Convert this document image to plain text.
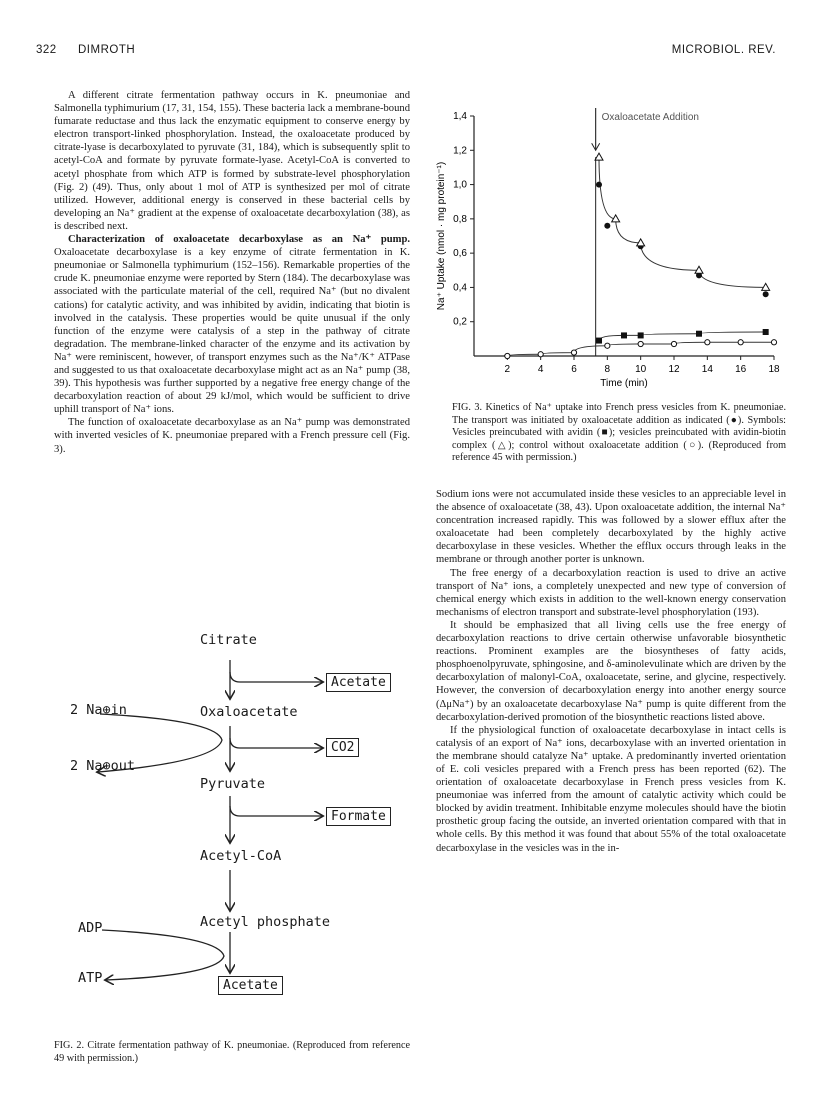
322 DIMROTH	MICROBIOL. REV.

A different citrate fermentation pathway occurs in K. pneumoniae and Salmonella typhimurium (17, 31, 154, 155). These bacteria lack a membrane-bound fumarate reductase and thus lack the enzymatic equipment to conserve energy by electron transport-linked phosphorylation. Instead, the oxaloacetate produced by citrate-lyase is decarboxylated to pyruvate (31, 184), which is subsequently split to acetyl-CoA and formate by pyruvate formate-lyase. Acetyl-CoA is converted to acetyl phosphate from which ATP is formed by substrate-level phosphorylation (Fig. 2) (49). Thus, only about 1 mol of ATP is synthesized per mol of citrate utilized. However, additional energy is conserved in these bacterial cells by developing an Na⁺ gradient at the expense of oxaloacetate decarboxylation (38), as is described next.

Characterization of oxaloacetate decarboxylase as an Na⁺ pump. Oxaloacetate decarboxylase is a key enzyme of citrate fermentation in K. pneumoniae or Salmonella typhimurium (152–156). Remarkable properties of the crude K. pneumoniae enzyme were reported by Stern (184). The decarboxylase was associated with the particulate material of the cell, required Na⁺ (but no divalent cations) for catalytic activity, and was inhibited by avidin, indicating that biotin is involved in the catalysis. These properties would be quite unusual if the only function of the enzyme were catalysis of a step in the pathway of citrate degradation. The membrane-linked character of the enzyme and its activation by Na⁺ were reminiscent, however, of transport enzymes such as the Na⁺/K⁺ ATPase and suggested to us that oxaloacetate decarboxylase might act as an Na⁺ pump (38, 39). This hypothesis was further supported by a negative free energy change of the decarboxylation reaction of about 29 kJ/mol, which would be sufficient to drive uphill transport of Na⁺ ions.

The function of oxaloacetate decarboxylase as an Na⁺ pump was demonstrated with inverted vesicles of K. pneumoniae prepared with a French pressure cell (Fig. 3).

Citrate
Acetate
Oxaloacetate
2 Na⊕in
CO2
2 Na⊕out
Pyruvate
Formate
Acetyl-CoA
Acetyl phosphate
ADP
ATP	Acetate
FIG. 2. Citrate fermentation pathway of K. pneumoniae. (Reproduced from reference 49 with permission.)
2	4	6	8 10 12 14 16 18
0,2
0,4
0,6
0,8
1,0
1,2
1,4
Na⁺ Uptake (nmol · mg protein⁻¹)
Time (min)
Oxaloacetate Addition
FIG. 3. Kinetics of Na⁺ uptake into French press vesicles from K. pneumoniae. The transport was initiated by oxaloacetate addition as indicated (●). Symbols: Vesicles preincubated with avidin (■); vesicles preincubated with avidin-biotin complex (△); control without oxaloacetate addition (○). (Reproduced from reference 45 with permission.)

Sodium ions were not accumulated inside these vesicles to an appreciable level in the absence of oxaloacetate (38, 43). Upon oxaloacetate addition, the internal Na⁺ concentration increased rapidly. This was followed by a slower efflux after the oxaloacetate had been completely decarboxylated by the highly active decarboxylase in these vesicles. Whether the efflux occurs through leaks in the membrane or through another porter is unknown.

The free energy of a decarboxylation reaction is used to drive an active transport of Na⁺ ions, a completely unexpected and new type of conversion of chemical energy which exists in addition to the well-known energy conservation mechanisms of electron transport and substrate-level phosphorylation (193).

It should be emphasized that all living cells use the free energy of decarboxylation reactions to drive certain otherwise unfavorable biosynthetic reactions. Prominent examples are the biosyntheses of fatty acids, phosphoenolpyruvate, sphingosine, and δ-aminolevulinate which are driven by the decarboxylation of malonyl-CoA, oxaloacetate, serine, and glycine, respectively. However, the conversion of decarboxylation energy into another energy source (ΔμNa⁺) by an oxaloacetate decarboxylase Na⁺ pump is quite different from the decarboxylation-derived promotion of the biosynthetic reactions listed above.

If the physiological function of oxaloacetate decarboxylase in intact cells is catalysis of an export of Na⁺ ions, decarboxylase with an inverted orientation in the membrane should catalyze Na⁺ uptake. A predominantly inverted orientation of E. coli vesicles prepared with a French press has been reported (62). The orientation of oxaloacetate decarboxylase in French press vesicles from K. pneumoniae was inferred from the amount of catalytic activity which could be blocked by avidin treatment. Inhibitable enzyme molecules should have the biotin prosthetic group facing the outside, an inverted orientation compared with that in whole cells. By this method it was found that about 55% of the total oxaloacetate decarboxylase in the vesicles was in the in-
